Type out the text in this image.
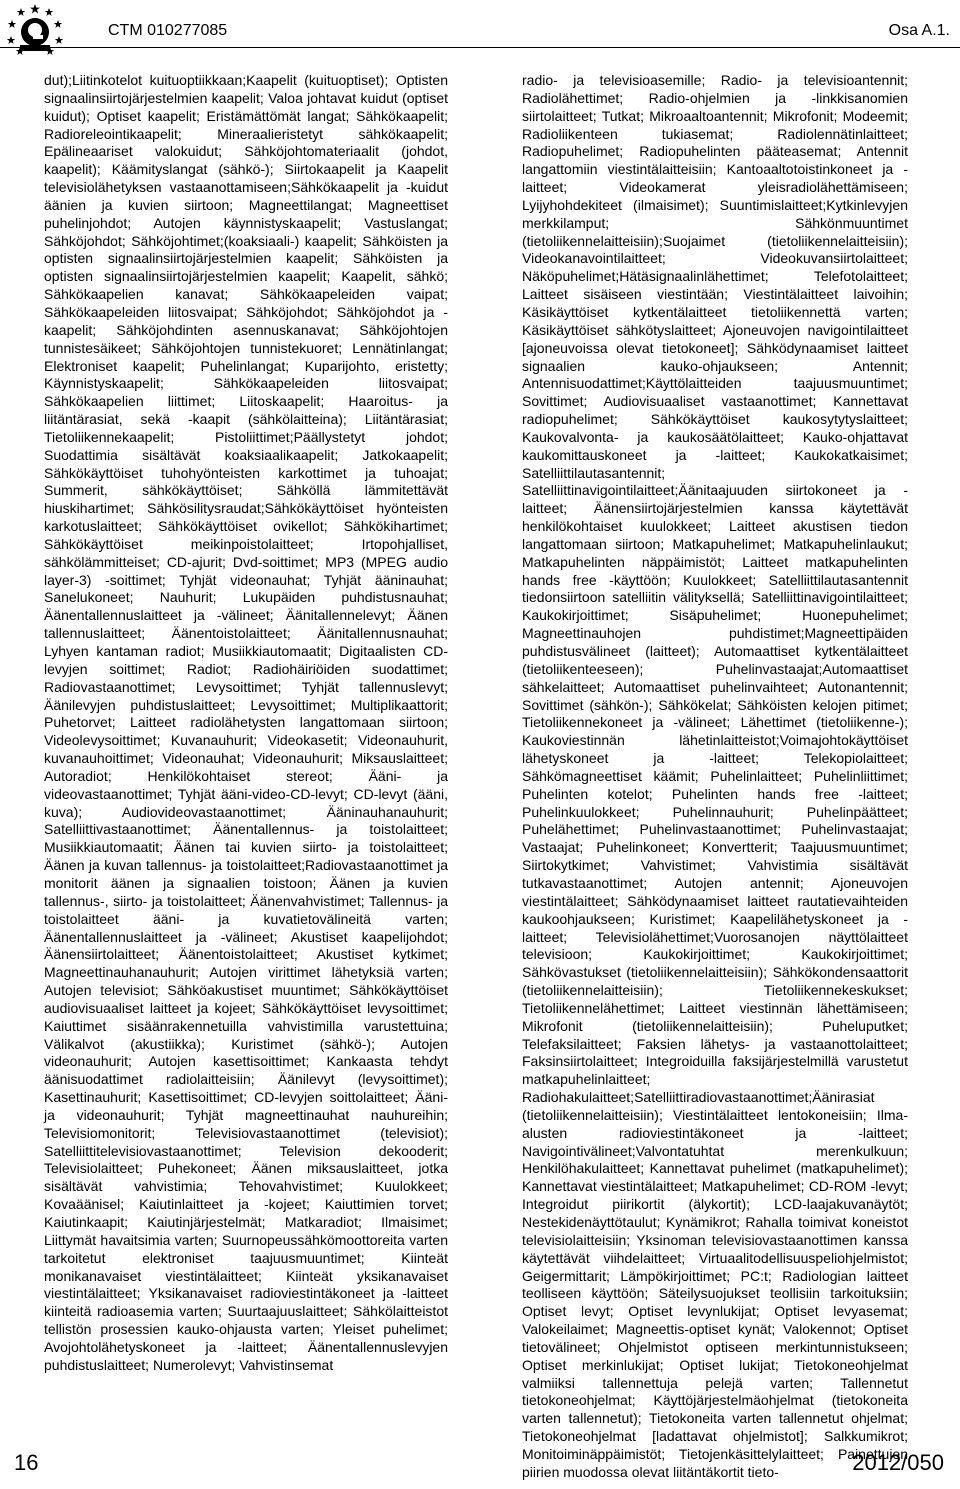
CTM 010277085	Osa A.1.
dut);Liitinkotelot kuituoptiikkaan;Kaapelit (kuituoptiset); Optisten signaalinsiirtojärjestelmien kaapelit; Valoa johtavat kuidut (optiset kuidut); Optiset kaapelit; Eristämättömät langat; Sähkökaapelit; Radioreleointikaapelit; Mineraalieristetyt sähkökaapelit; Epälineaariset valokuidut; Sähköjohtomateriaalit (johdot, kaapelit); Käämityslangat (sähkö-); Siirtokaapelit ja Kaapelit televisiolähetyksen vastaanottamiseen;Sähkökaapelit ja -kuidut äänien ja kuvien siirtoon; Magneettilangat; Magneettiset puhelinjohdot; Autojen käynnistyskaapelit; Vastuslangat; Sähköjohdot; Sähköjohtimet;(koaksiaali-) kaapelit; Sähköisten ja optisten signaalinsiirtojärjestelmien kaapelit; Sähköisten ja optisten signaalinsiirtojärjestelmien kaapelit; Kaapelit, sähkö; Sähkökaapelien kanavat; Sähkökaapeleiden vaipat; Sähkökaapeleiden liitosvaipat; Sähköjohdot; Sähköjohdot ja -kaapelit; Sähköjohdinten asennuskanavat; Sähköjohtojen tunnistesäikeet; Sähköjohtojen tunnistekuoret; Lennätinlangat; Elektroniset kaapelit; Puhelinlangat; Kuparijohto, eristetty; Käynnistyskaapelit; Sähkökaapeleiden liitosvaipat; Sähkökaapelien liittimet; Liitoskaapelit; Haaroitus- ja liitäntärasiat, sekä -kaapit (sähkölaitteina); Liitäntärasiat; Tietoliikennekaapelit; Pistoliittimet;Päällystetyt johdot; Suodattimia sisältävät koaksiaalikaapelit; Jatkokaapelit; Sähkökäyttöiset tuhohyönteisten karkottimet ja tuhoajat; Summerit, sähkökäyttöiset; Sähköllä lämmitettävät hiuskihartimet; Sähkösilitysraudat;Sähkökäyttöiset hyönteisten karkotuslaitteet; Sähkökäyttöiset ovikellot; Sähkökihartimet; Sähkökäyttöiset meikinpoistolaitteet; Irtopohjalliset, sähkölämmitteiset; CD-ajurit; Dvd-soittimet; MP3 (MPEG audio layer-3) -soittimet; Tyhjät videonauhat; Tyhjät ääninauhat; Sanelukoneet; Nauhurit; Lukupäiden puhdistusnauhat; Äänentallennuslaitteet ja -välineet; Äänitallennelevyt; Äänen tallennuslaitteet; Äänentoistolaitteet; Äänitallennusnauhat; Lyhyen kantaman radiot; Musiikkiautomaatit; Digitaalisten CD-levyjen soittimet; Radiot; Radiohäiriöiden suodattimet; Radiovastaanottimet; Levysoittimet; Tyhjät tallennuslevyt; Äänilevyjen puhdistuslaitteet; Levysoittimet; Multiplikaattorit; Puhetorvet; Laitteet radiolähetysten langattomaan siirtoon; Videolevysoittimet; Kuvanauhurit; Videokasetit; Videonauhurit, kuvanauhoittimet; Videonauhat; Videonauhurit; Miksauslaitteet; Autoradiot; Henkilökohtaiset stereot; Ääni- ja videovastaanottimet; Tyhjät ääni-video-CD-levyt; CD-levyt (ääni, kuva); Audiovideovastaanottimet; Ääninauhanauhurit; Satelliittivastaanottimet; Äänentallennus- ja toistolaitteet; Musiikkiautomaatit; Äänen tai kuvien siirto- ja toistolaitteet; Äänen ja kuvan tallennus- ja toistolaitteet;Radiovastaanottimet ja monitorit äänen ja signaalien toistoon; Äänen ja kuvien tallennus-, siirto- ja toistolaitteet; Äänenvahvistimet; Tallennus- ja toistolaitteet ääni- ja kuvatietovälineitä varten; Äänentallennuslaitteet ja -välineet; Akustiset kaapelijohdot; Äänensiirtolaitteet; Äänentoistolaitteet; Akustiset kytkimet; Magneettinauhanauhurit; Autojen virittimet lähetyksiä varten; Autojen televisiot; Sähköakustiset muuntimet; Sähkökäyttöiset audiovisuaaliset laitteet ja kojeet; Sähkökäyttöiset levysoittimet; Kaiuttimet sisäänrakennetuilla vahvistimilla varustettuina; Välikalvot (akustiikka); Kuristimet (sähkö-); Autojen videonauhurit; Autojen kasettisoittimet; Kankaasta tehdyt äänisuodattimet radiolaitteisiin; Äänilevyt (levysoittimet); Kasettinauhurit; Kasettisoittimet; CD-levyjen soittolaitteet; Ääni- ja videonauhurit; Tyhjät magneettinauhat nauhureihin; Televisiomonitorit; Televisiovastaanottimet (televisiot); Satelliittitelevisiovastaanottimet; Television dekooderit; Televisiolaitteet; Puhekoneet; Äänen miksauslaitteet, jotka sisältävät vahvistimia; Tehovahvistimet; Kuulokkeet; Kovaäänisel; Kaiutinlaitteet ja -kojeet; Kaiuttimien torvet; Kaiutinkaapit; Kaiutinjärjestelmät; Matkaradiot; Ilmaisimet; Liittymät havaitsimia varten; Suurnopeussähkömoottoreita varten tarkoitetut elektroniset taajuusmuuntimet; Kiinteät monikanavaiset viestintälaitteet; Kiinteät yksikanavaiset viestintälaitteet; Yksikanavaiset radioviestintäkoneet ja -laitteet kiinteitä radioasemia varten; Suurtaajuuslaitteet; Sähkölaitteistot tellistön prosessien kauko-ohjausta varten; Yleiset puhelimet; Avojohtolähetyskoneet ja -laitteet; Äänentallennuslevyjen puhdistuslaitteet; Numerolevyt; Vahvistinsemat
radio- ja televisioasemille; Radio- ja televisioantennit; Radiolähettimet; Radio-ohjelmien ja -linkkisanomien siirtolaitteet; Tutkat; Mikroaaltoantennit; Mikrofonit; Modeemit; Radioliikenteen tukiasemat; Radiolennätinlaitteet; Radiopuhelimet; Radiopuhelinten pääteasemat; Antennit langattomiin viestintälaitteisiin; Kantoaaltotoistinkoneet ja -laitteet; Videokamerat yleisradiolähettämiseen; Lyijyhohdekiteet (ilmaisimet); Suuntimislaitteet;Kytkinlevyjen merkkilamput; Sähkönmuuntimet (tietoliikennelaitteisiin);Suojaimet (tietoliikennelaitteisiin); Videokanavointilaitteet; Videokuvansiirtolaitteet; Näköpuhelimet;Hätäsignaalinlähettimet; Telefotolaitteet; Laitteet sisäiseen viestintään; Viestintälaitteet laivoihin; Käsikäyttöiset kytkentälaitteet tietoliikennettä varten; Käsikäyttöiset sähkötyslaitteet; Ajoneuvojen navigointilaitteet [ajoneuvoissa olevat tietokoneet]; Sähködynaamiset laitteet signaalien kauko-ohjaukseen; Antennit; Antennisuodattimet;Käyttölaitteiden taajuusmuuntimet; Sovittimet; Audiovisuaaliset vastaanottimet; Kannettavat radiopuhelimet; Sähkökäyttöiset kaukosytytyslaitteet; Kaukovalvonta- ja kaukosäätölaitteet; Kauko-ohjattavat kaukomittauskoneet ja -laitteet; Kaukokatkaisimet; Satelliittilautasantennit; Satelliittinavigointilaitteet;Äänitaajuuden siirtokoneet ja -laitteet; Äänensiirtojärjestelmien kanssa käytettävät henkilökohtaiset kuulokkeet; Laitteet akustisen tiedon langattomaan siirtoon; Matkapuhelimet; Matkapuhelinlaukut; Matkapuhelinten näppäimistöt; Laitteet matkapuhelinten hands free -käyttöön; Kuulokkeet; Satelliittilautasantennit tiedonsiirtoon satelliitin välityksellä; Satelliittinavigointilaitteet; Kaukokirjoittimet; Sisäpuhelimet; Huonepuhelimet; Magneettinauhojen puhdistimet;Magneettipäiden puhdistusvälineet (laitteet); Automaattiset kytkentälaitteet (tietoliikenteeseen); Puhelinvastaajat;Automaattiset sähkelaitteet; Automaattiset puhelinvaihteet; Autonantennit; Sovittimet (sähkön-); Sähkökelat; Sähköisten kelojen pitimet; Tietoliikennekoneet ja -välineet; Lähettimet (tietoliikenne-); Kaukoviestinnän lähetinlaitteistot;Voimajohtokäyttöiset lähetyskoneet ja -laitteet; Telekopiolaitteet; Sähkömagneettiset käämit; Puhelinlaitteet; Puhelinliittimet; Puhelinten kotelot; Puhelinten hands free -laitteet; Puhelinkuulokkeet; Puhelinnauhurit; Puhelinpäätteet; Puhelähettimet; Puhelinvastaanottimet; Puhelinvastaajat; Vastaajat; Puhelinkoneet; Konvertterit; Taajuusmuuntimet; Siirtokytkimet; Vahvistimet; Vahvistimia sisältävät tutkavastaanottimet; Autojen antennit; Ajoneuvojen viestintälaitteet; Sähködynaamiset laitteet rautatievaihteiden kaukoohjaukseen; Kuristimet; Kaapelilähetyskoneet ja -laitteet; Televisiolähettimet;Vuorosanojen näyttölaitteet televisioon; Kaukokirjoittimet; Kaukokirjoittimet; Sähkövastukset (tietoliikennelaitteisiin); Sähkökondensaattorit (tietoliikennelaitteisiin); Tietoliikennekeskukset; Tietoliikennelähettimet; Laitteet viestinnän lähettämiseen; Mikrofonit (tietoliikennelaitteisiin); Puheluputket; Telefaksilaitteet; Faksien lähetys- ja vastaanottolaitteet; Faksinsiirtolaitteet; Integroiduilla faksijärjestelmillä varustetut matkapuhelinlaitteet; Radiohakulaitteet;Satelliittiradiovastaanottimet;Äänirasiat (tietoliikennelaitteisiin); Viestintälaitteet lentokoneisiin; Ilma-alusten radioviestintäkoneet ja -laitteet; Navigointivälineet;Valvontatuhtat merenkulkuun; Henkilöhakulaitteet; Kannettavat puhelimet (matkapuhelimet); Kannettavat viestintälaitteet; Matkapuhelimet; CD-ROM -levyt; Integroidut piirikortit (älykortit); LCD-laajakuvanäytöt; Nestekidenäyttötaulut; Kynämikrot; Rahalla toimivat koneistot televisiolaitteisiin; Yksinoman televisiovastaanottimen kanssa käytettävät viihdelaitteet; Virtuaalitodellisuuspeliohjelmistot; Geigermittarit; Lämpökirjoittimet; PC:t; Radiologian laitteet teolliseen käyttöön; Säteilysuojukset teollisiin tarkoituksiin; Optiset levyt; Optiset levynlukijat; Optiset levyasemat; Valokeilaimet; Magneettis-optiset kynät; Valokennot; Optiset tietovälineet; Ohjelmistot optiseen merkintunnistukseen; Optiset merkinlukijat; Optiset lukijat; Tietokoneohjelmat valmiiksi tallennettuja pelejä varten; Tallennetut tietokoneohjelmat; Käyttöjärjestelmäohjelmat (tietokoneita varten tallennetut); Tietokoneita varten tallennetut ohjelmat; Tietokoneohjelmat [ladattavat ohjelmistot]; Salkkumikrot; Monitoiminäppäimistöt; Tietojenkäsittelylaitteet; Painettujen piirien muodossa olevat liitäntäkortit tieto-
16	2012/050
